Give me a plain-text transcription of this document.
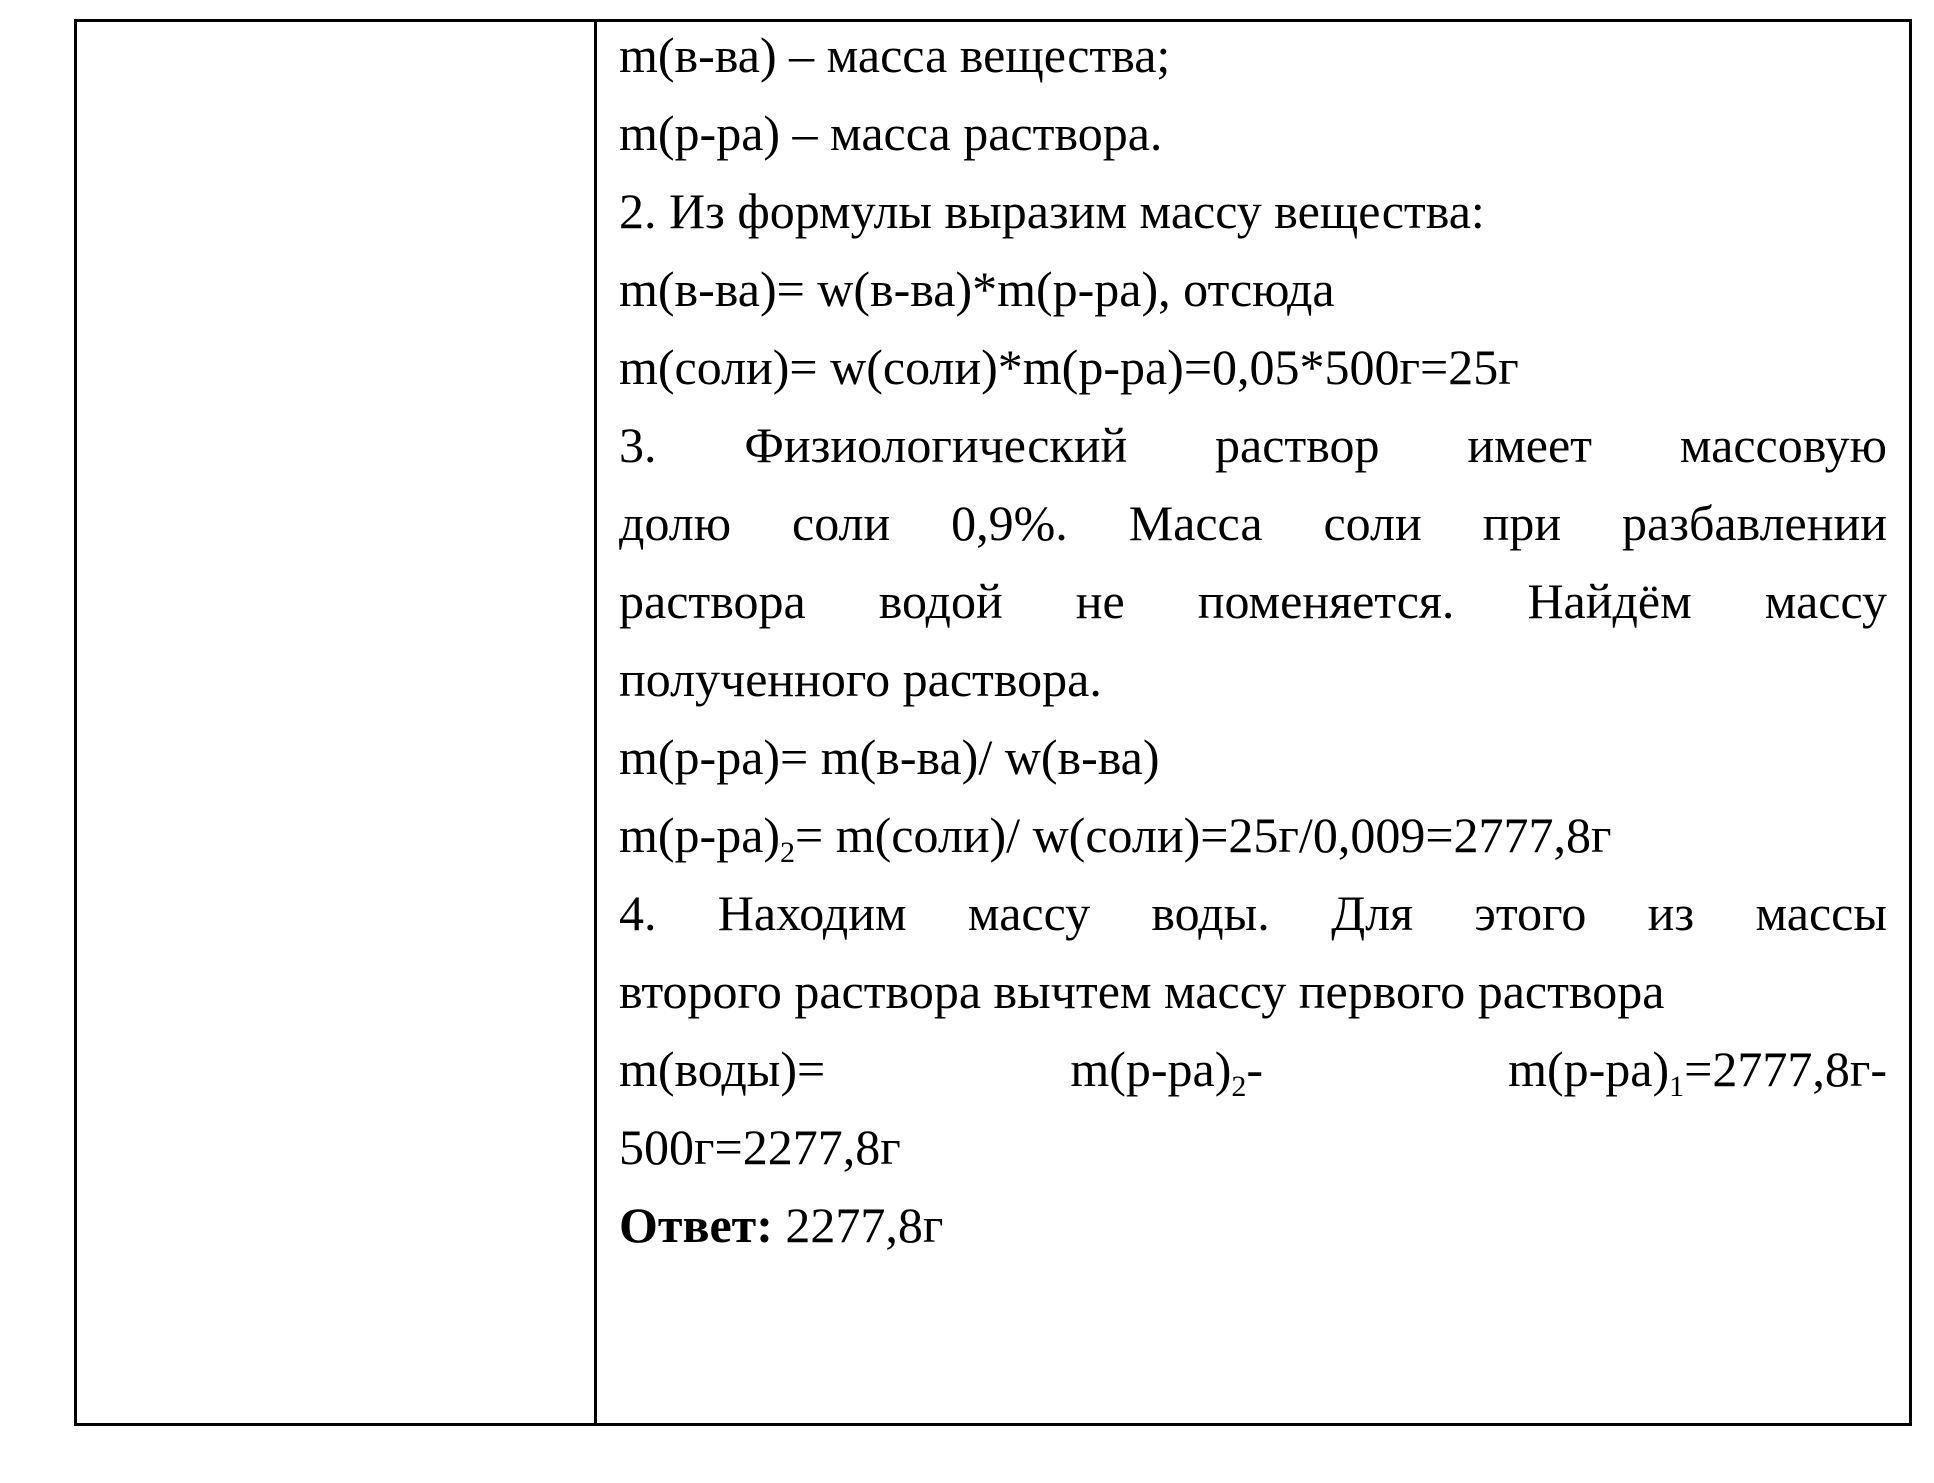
m(в-ва) – масса вещества;
m(р-ра) – масса раствора.
2. Из формулы выразим массу вещества:
m(в-ва)= w(в-ва)*m(р-ра), отсюда
m(соли)= w(соли)*m(р-ра)=0,05*500г=25г
3. Физиологический раствор имеет массовую
долю соли 0,9%. Масса соли при разбавлении
раствора водой не поменяется. Найдём массу
полученного раствора.
m(р-ра)= m(в-ва)/ w(в-ва)
$m(р-ра)_2=$ m(соли)/ w(соли)=25г/0,009=2777,8г
4. Находим массу воды. Для этого из массы
второго раствора вычтем массу первого раствора
m(воды)=	$m(р-ра)_2-$	$m(р-ра)_1=2777,8г-$
500г=2277,8г
Ответ: 2277,8г
